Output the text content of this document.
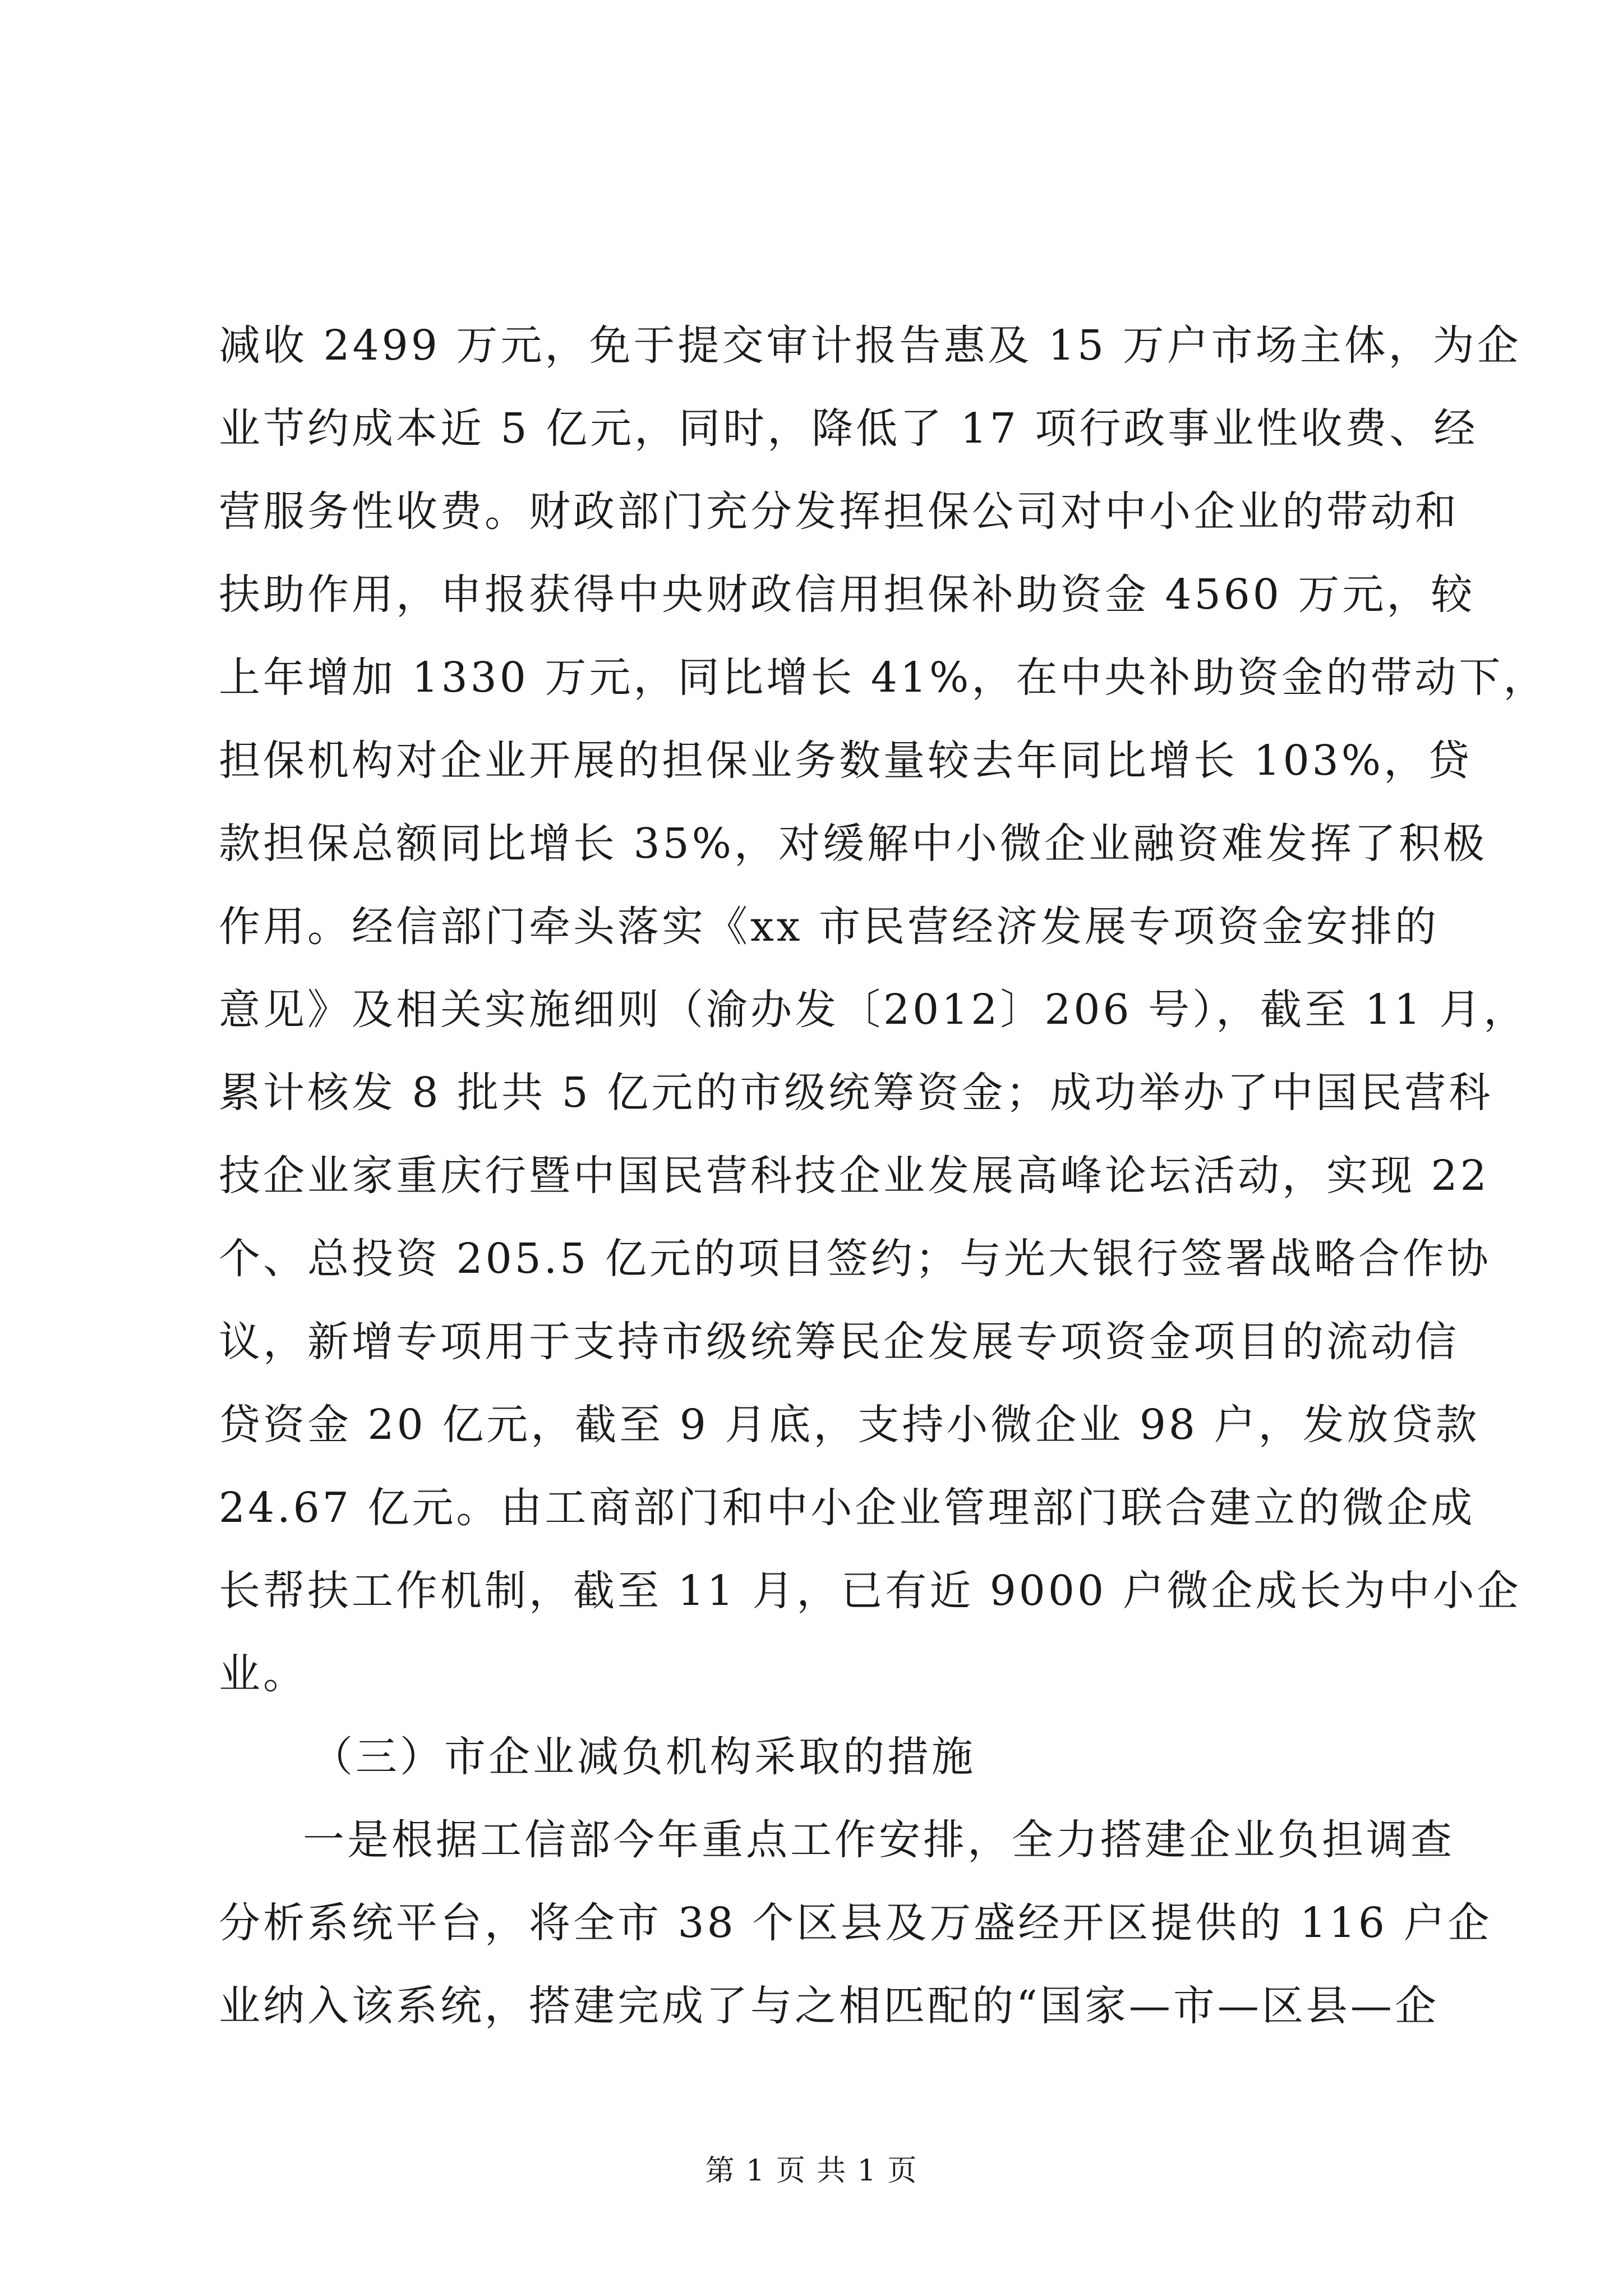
减收 2499 万元，免于提交审计报告惠及 15 万户市场主体，为企
业节约成本近 5 亿元，同时，降低了 17 项行政事业性收费、经
营服务性收费。财政部门充分发挥担保公司对中小企业的带动和
扶助作用，申报获得中央财政信用担保补助资金 4560 万元，较
上年增加 1330 万元，同比增长 41%，在中央补助资金的带动下，
担保机构对企业开展的担保业务数量较去年同比增长 103%，贷
款担保总额同比增长 35%，对缓解中小微企业融资难发挥了积极
作用。经信部门牵头落实《xx 市民营经济发展专项资金安排的
意见》及相关实施细则（渝办发〔2012〕206 号），截至 11 月，
累计核发 8 批共 5 亿元的市级统筹资金；成功举办了中国民营科
技企业家重庆行暨中国民营科技企业发展高峰论坛活动，实现 22
个、总投资 205.5 亿元的项目签约；与光大银行签署战略合作协
议，新增专项用于支持市级统筹民企发展专项资金项目的流动信
贷资金 20 亿元，截至 9 月底，支持小微企业 98 户，发放贷款
24.67 亿元。由工商部门和中小企业管理部门联合建立的微企成
长帮扶工作机制，截至 11 月，已有近 9000 户微企成长为中小企
业。
（三）市企业减负机构采取的措施
一是根据工信部今年重点工作安排，全力搭建企业负担调查
分析系统平台，将全市 38 个区县及万盛经开区提供的 116 户企
业纳入该系统，搭建完成了与之相匹配的“国家—市—区县—企
第 1 页 共 1 页
